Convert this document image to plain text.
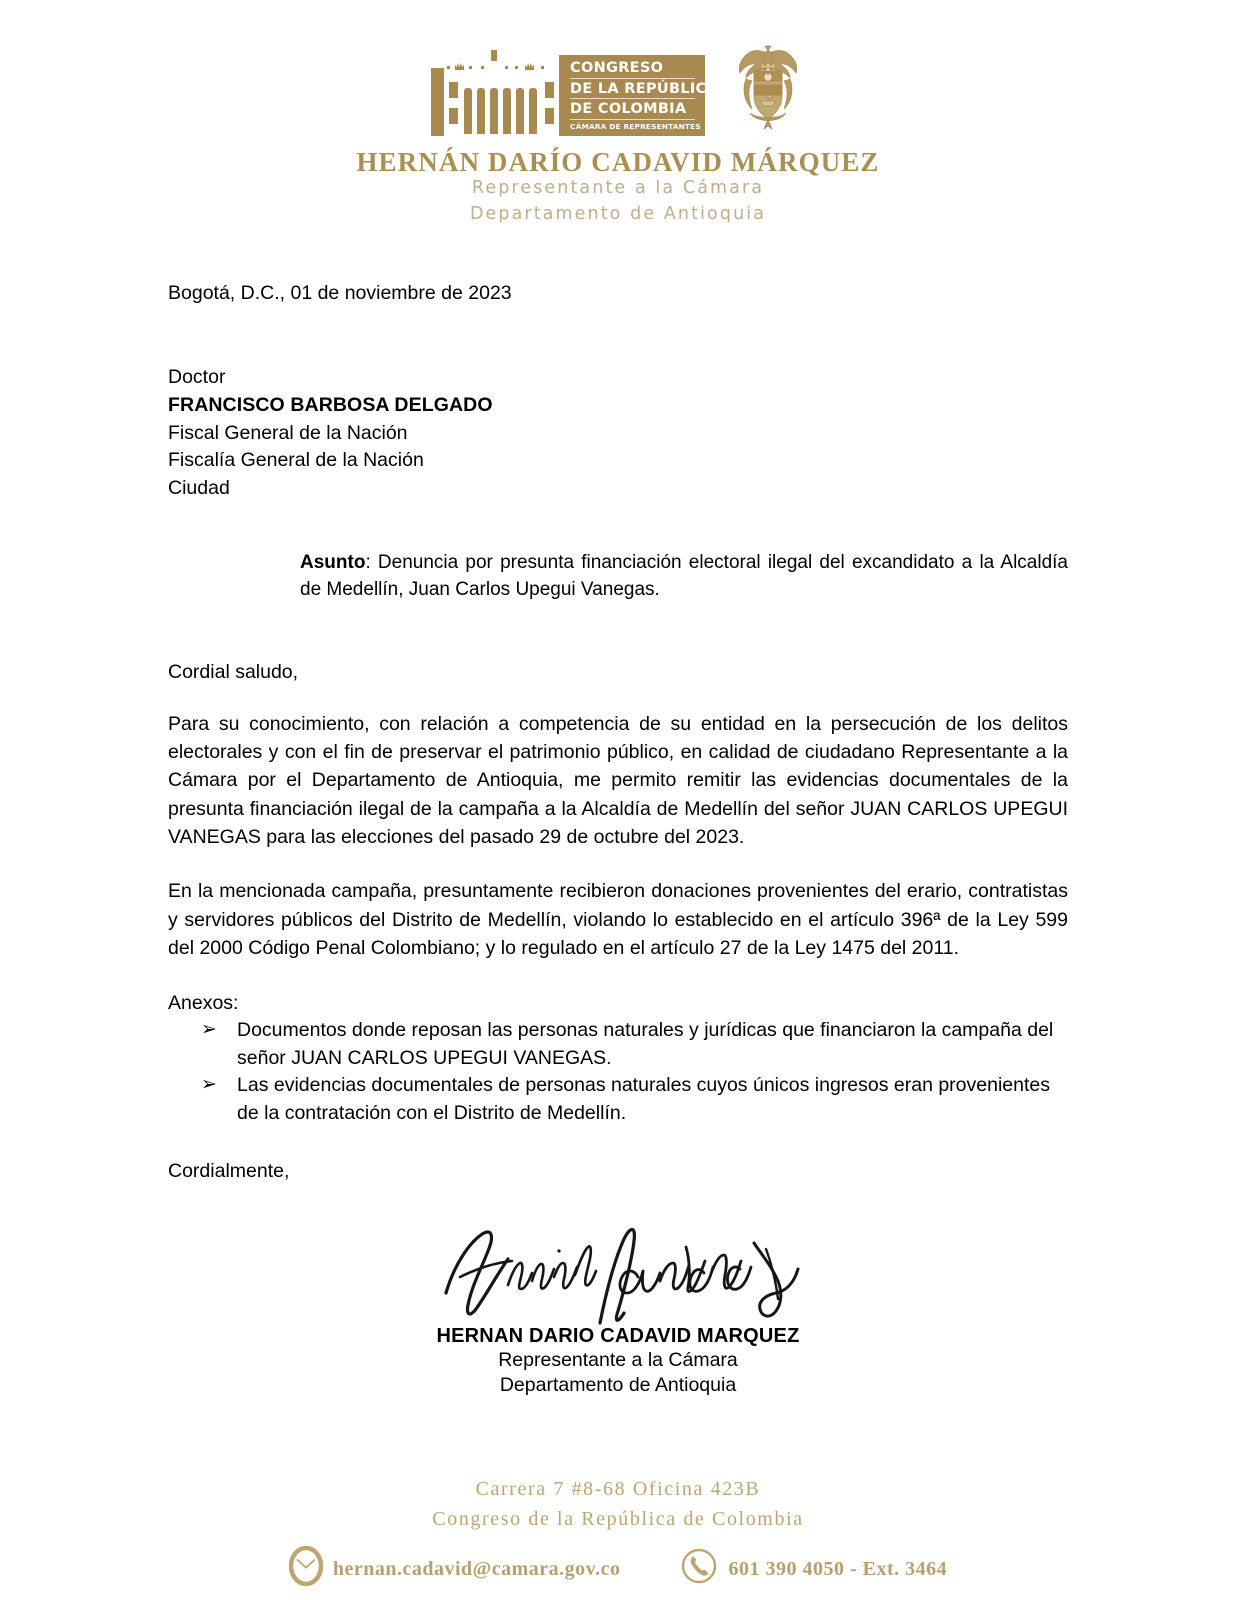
CONGRESO
DE LA REPÚBLICA
DE COLOMBIA
CÁMARA DE REPRESENTANTES
HERNÁN DARÍO CADAVID MÁRQUEZ
Representante a la Cámara
Departamento de Antioquia
Bogotá, D.C., 01 de noviembre de 2023
Doctor
FRANCISCO BARBOSA DELGADO
Fiscal General de la Nación
Fiscalía General de la Nación
Ciudad
Asunto: Denuncia por presunta financiación electoral ilegal del excandidato a la Alcaldía de Medellín, Juan Carlos Upegui Vanegas.
Cordial saludo,
Para su conocimiento, con relación a competencia de su entidad en la persecución de los delitos electorales y con el fin de preservar el patrimonio público, en calidad de ciudadano Representante a la Cámara por el Departamento de Antioquia, me permito remitir las evidencias documentales de la presunta financiación ilegal de la campaña a la Alcaldía de Medellín del señor JUAN CARLOS UPEGUI VANEGAS para las elecciones del pasado 29 de octubre del 2023.
En la mencionada campaña, presuntamente recibieron donaciones provenientes del erario, contratistas y servidores públicos del Distrito de Medellín, violando lo establecido en el artículo 396ª de la Ley 599 del 2000 Código Penal Colombiano; y lo regulado en el artículo 27 de la Ley 1475 del 2011.
Anexos:
➢ Documentos donde reposan las personas naturales y jurídicas que financiaron la campaña del señor JUAN CARLOS UPEGUI VANEGAS.
➢ Las evidencias documentales de personas naturales cuyos únicos ingresos eran provenientes de la contratación con el Distrito de Medellín.
Cordialmente,
HERNAN DARIO CADAVID MARQUEZ
Representante a la Cámara
Departamento de Antioquia
Carrera 7 #8-68 Oficina 423B
Congreso de la República de Colombia
hernan.cadavid@camara.gov.co	601 390 4050 - Ext. 3464
